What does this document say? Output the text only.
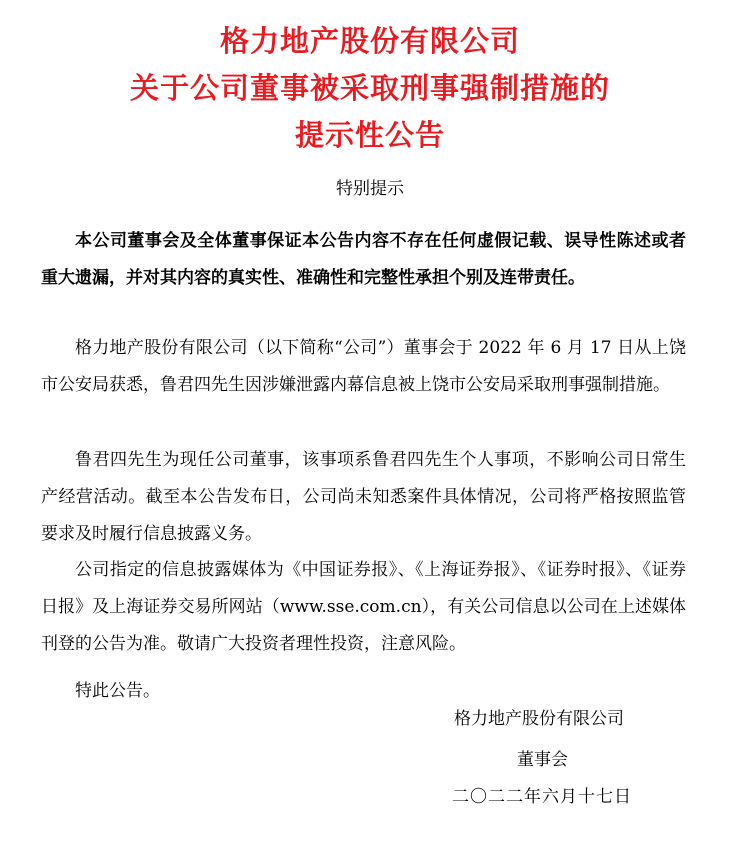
格力地产股份有限公司
关于公司董事被采取刑事强制措施的
提示性公告
特别提示

本公司董事会及全体董事保证本公告内容不存在任何虚假记载、误导性陈述或者重大遗漏，并对其内容的真实性、准确性和完整性承担个别及连带责任。

格力地产股份有限公司（以下简称“公司”）董事会于 2022 年 6 月 17 日从上饶市公安局获悉，鲁君四先生因涉嫌泄露内幕信息被上饶市公安局采取刑事强制措施。

鲁君四先生为现任公司董事，该事项系鲁君四先生个人事项，不影响公司日常生产经营活动。截至本公告发布日，公司尚未知悉案件具体情况，公司将严格按照监管要求及时履行信息披露义务。

公司指定的信息披露媒体为《中国证券报》、《上海证券报》、《证券时报》、《证券日报》及上海证券交易所网站（www.sse.com.cn），有关公司信息以公司在上述媒体刊登的公告为准。敬请广大投资者理性投资，注意风险。

特此公告。

格力地产股份有限公司
董事会
二〇二二年六月十七日
